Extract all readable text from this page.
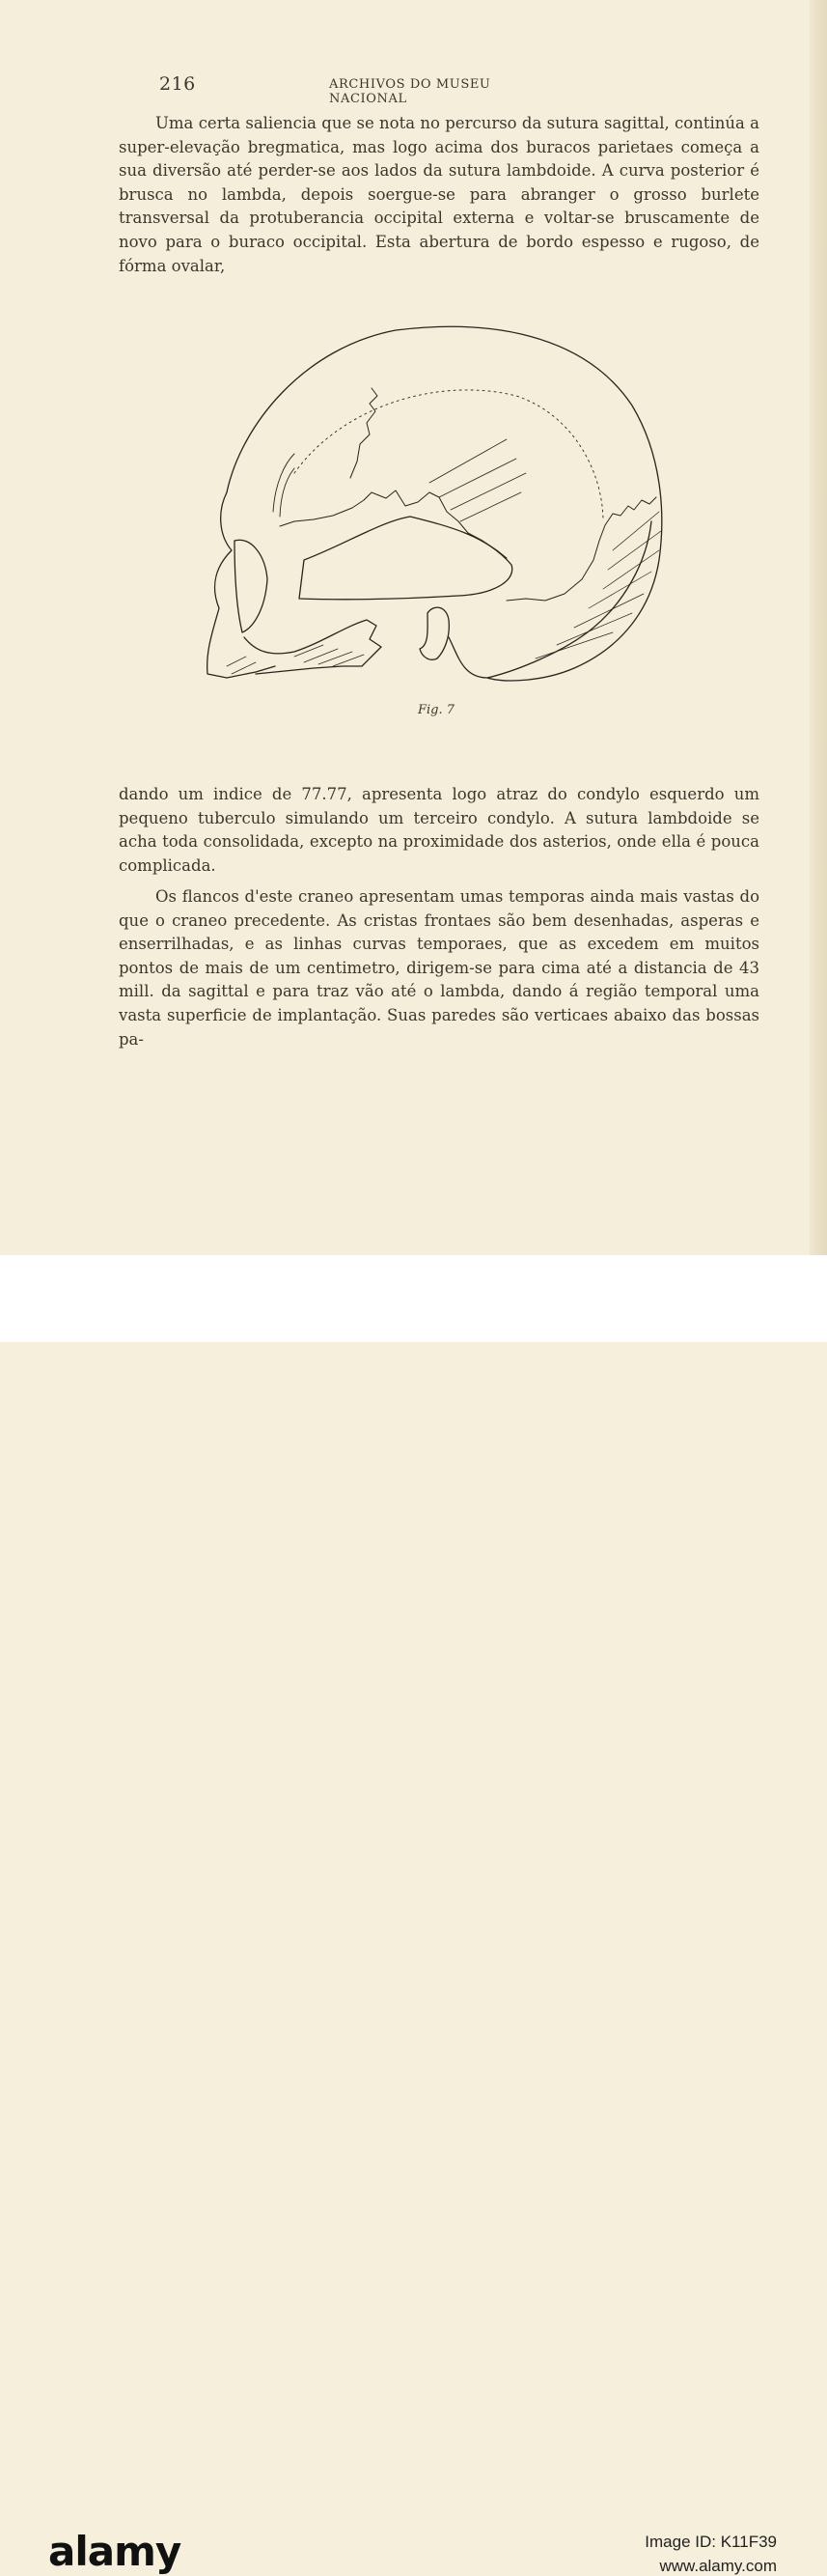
216	ARCHIVOS DO MUSEU NACIONAL

Uma certa saliencia que se nota no percurso da sutura sagittal, continúa a super-elevação bregmatica, mas logo acima dos buracos parietaes começa a sua diversão até perder-se aos lados da sutura lambdoide. A curva posterior é brusca no lambda, depois soergue-se para abranger o grosso burlete transversal da protuberancia occipital externa e voltar-se bruscamente de novo para o buraco occipital. Esta abertura de bordo espesso e rugoso, de fórma ovalar,

Fig. 7

dando um indice de 77.77, apresenta logo atraz do condylo esquerdo um pequeno tuberculo simulando um terceiro condylo. A sutura lambdoide se acha toda consolidada, excepto na proximidade dos asterios, onde ella é pouca complicada.

Os flancos d'este craneo apresentam umas temporas ainda mais vastas do que o craneo precedente. As cristas frontaes são bem desenhadas, asperas e enserrilhadas, e as linhas curvas temporaes, que as excedem em muitos pontos de mais de um centimetro, dirigem-se para cima até a distancia de 43 mill. da sagittal e para traz vão até o lambda, dando á região temporal uma vasta superficie de implantação. Suas paredes são verticaes abaixo das bossas pa-

alamy	Image ID: K11F39
www.alamy.com
